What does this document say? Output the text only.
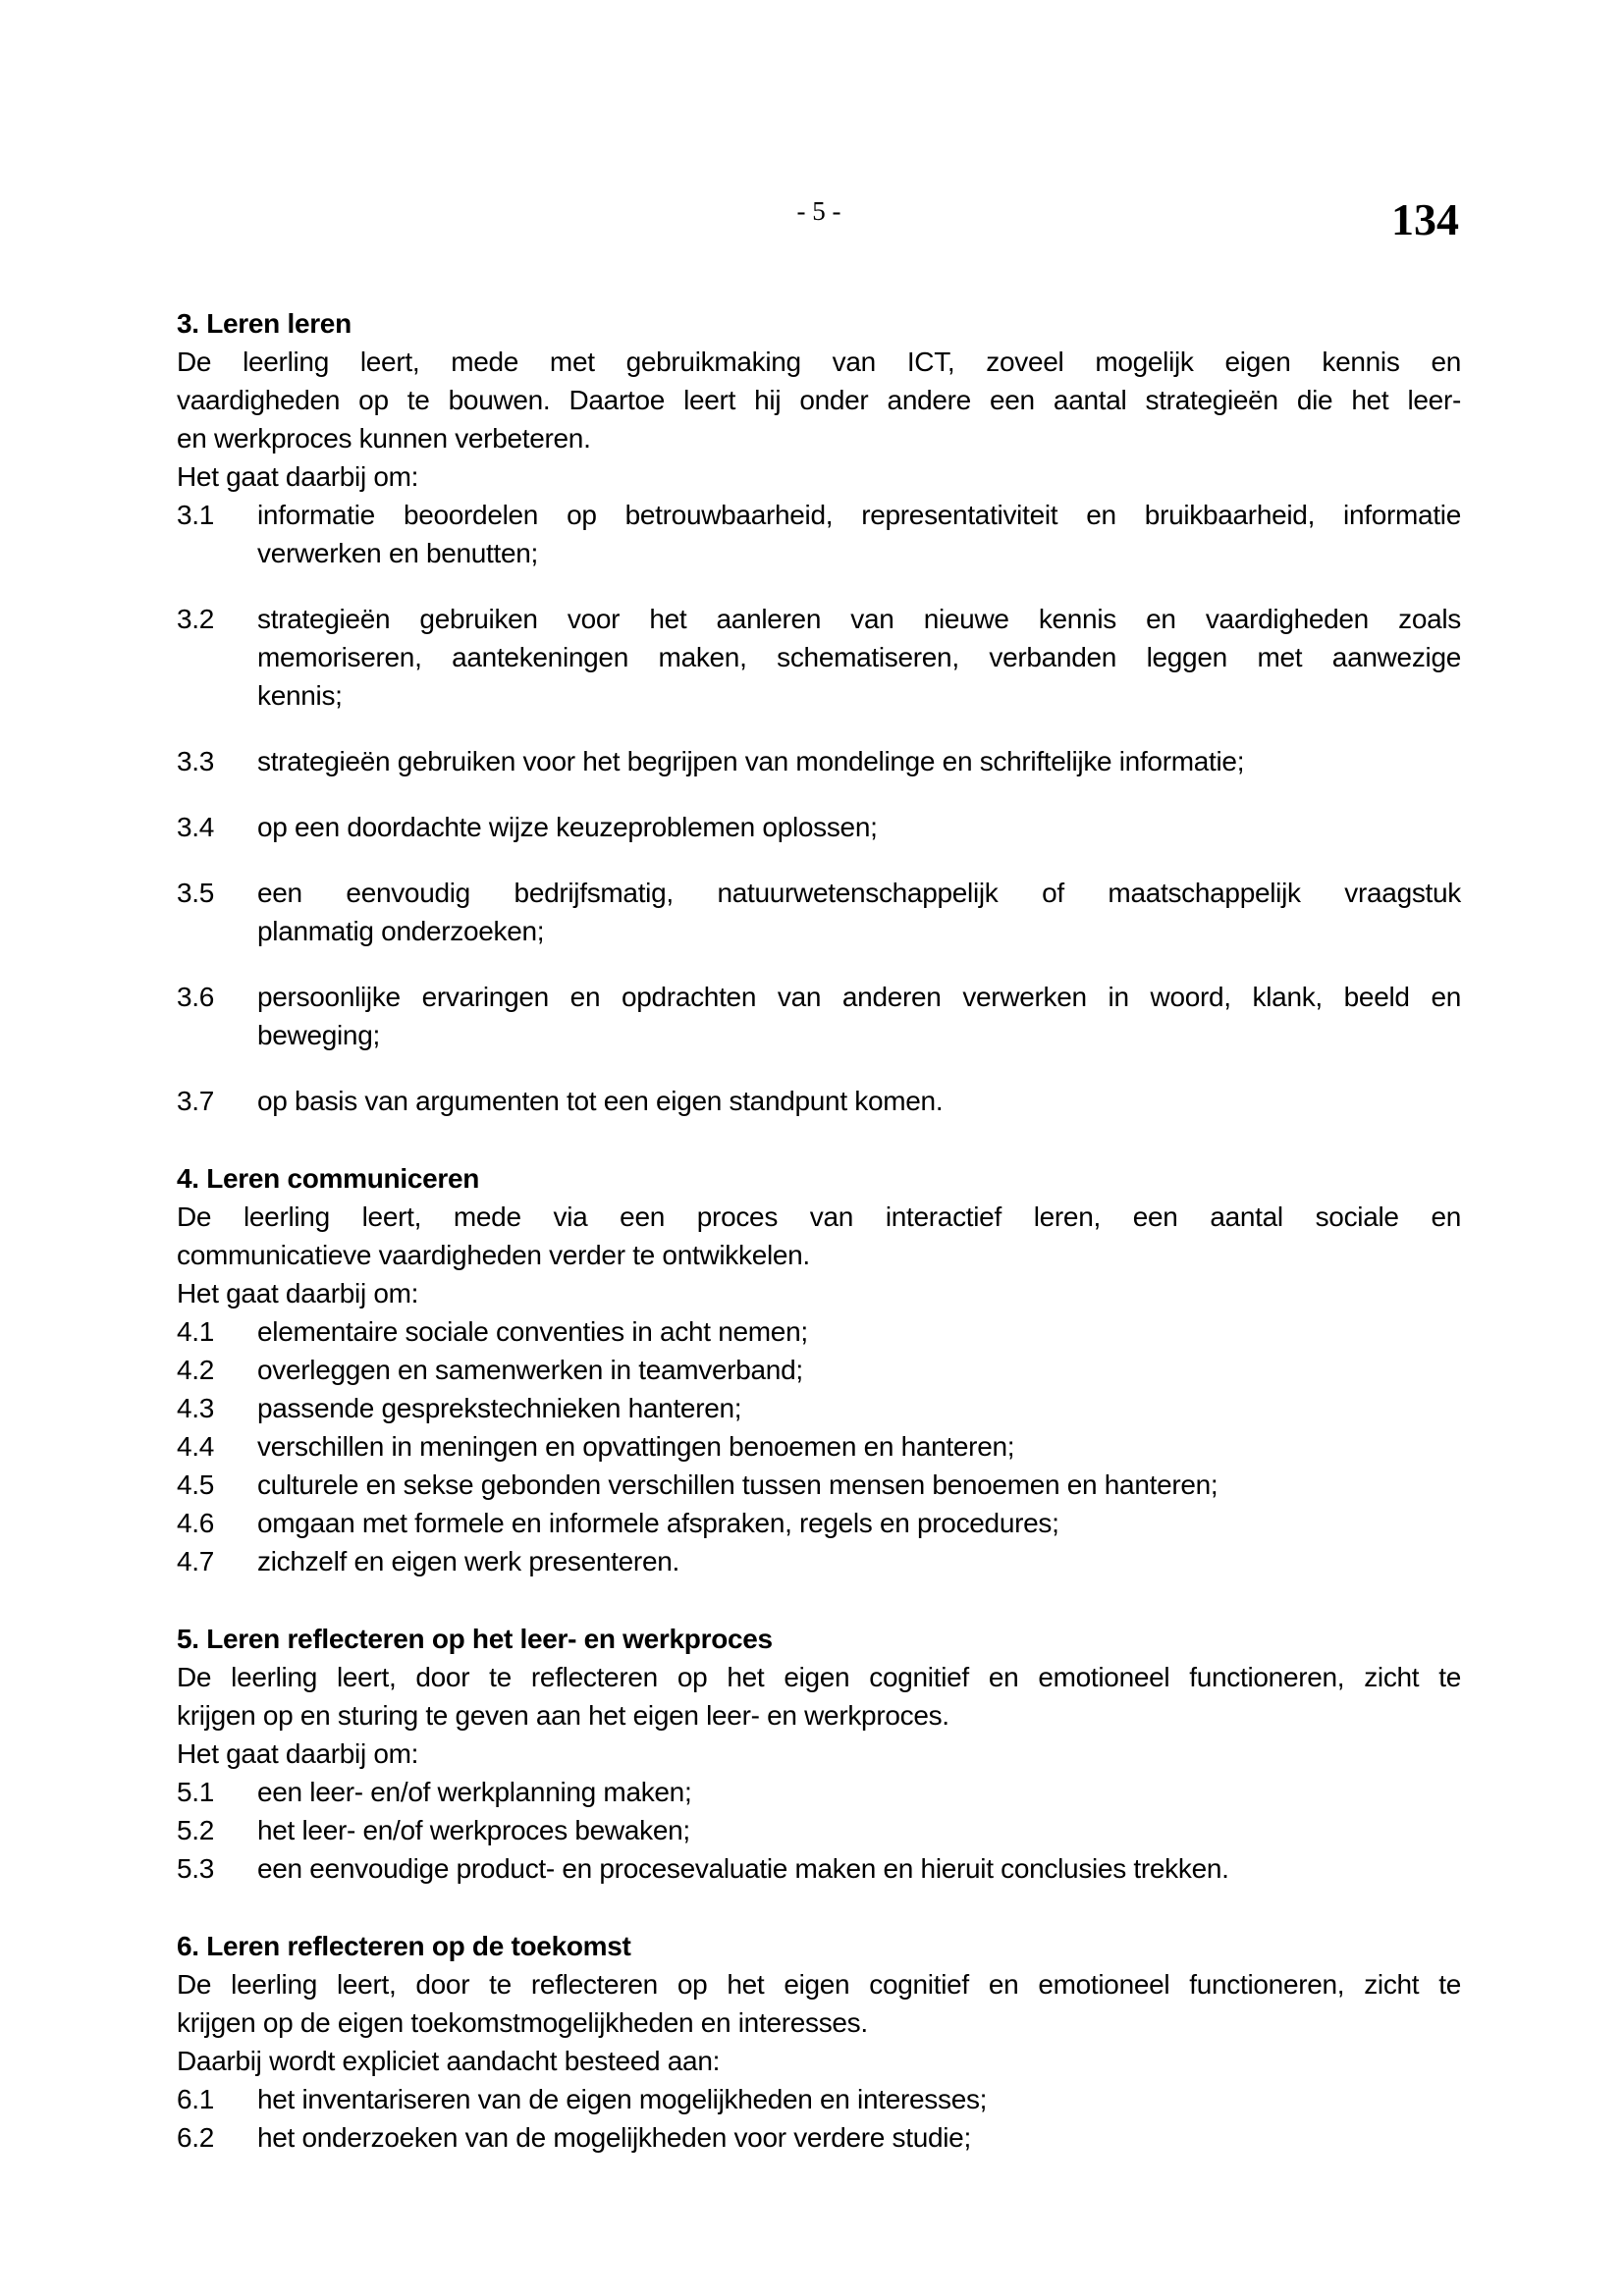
- 5 -	134
3. Leren leren
De leerling leert, mede met gebruikmaking van ICT, zoveel mogelijk eigen kennis en
vaardigheden op te bouwen. Daartoe leert hij onder andere een aantal strategieën die het leer-
en werkproces kunnen verbeteren.
Het gaat daarbij om:
3.1 informatie beoordelen op betrouwbaarheid, representativiteit en bruikbaarheid, informatie
verwerken en benutten;
3.2 strategieën gebruiken voor het aanleren van nieuwe kennis en vaardigheden zoals
memoriseren, aantekeningen maken, schematiseren, verbanden leggen met aanwezige
kennis;
3.3 strategieën gebruiken voor het begrijpen van mondelinge en schriftelijke informatie;
3.4 op een doordachte wijze keuzeproblemen oplossen;
3.5 een eenvoudig bedrijfsmatig, natuurwetenschappelijk of maatschappelijk vraagstuk
planmatig onderzoeken;
3.6 persoonlijke ervaringen en opdrachten van anderen verwerken in woord, klank, beeld en
beweging;
3.7 op basis van argumenten tot een eigen standpunt komen.
4. Leren communiceren
De leerling leert, mede via een proces van interactief leren, een aantal sociale en
communicatieve vaardigheden verder te ontwikkelen.
Het gaat daarbij om:
4.1 elementaire sociale conventies in acht nemen;
4.2 overleggen en samenwerken in teamverband;
4.3 passende gesprekstechnieken hanteren;
4.4 verschillen in meningen en opvattingen benoemen en hanteren;
4.5 culturele en sekse gebonden verschillen tussen mensen benoemen en hanteren;
4.6 omgaan met formele en informele afspraken, regels en procedures;
4.7 zichzelf en eigen werk presenteren.
5. Leren reflecteren op het leer- en werkproces
De leerling leert, door te reflecteren op het eigen cognitief en emotioneel functioneren, zicht te
krijgen op en sturing te geven aan het eigen leer- en werkproces.
Het gaat daarbij om:
5.1 een leer- en/of werkplanning maken;
5.2 het leer- en/of werkproces bewaken;
5.3 een eenvoudige product- en procesevaluatie maken en hieruit conclusies trekken.
6. Leren reflecteren op de toekomst
De leerling leert, door te reflecteren op het eigen cognitief en emotioneel functioneren, zicht te
krijgen op de eigen toekomstmogelijkheden en interesses.
Daarbij wordt expliciet aandacht besteed aan:
6.1 het inventariseren van de eigen mogelijkheden en interesses;
6.2 het onderzoeken van de mogelijkheden voor verdere studie;
